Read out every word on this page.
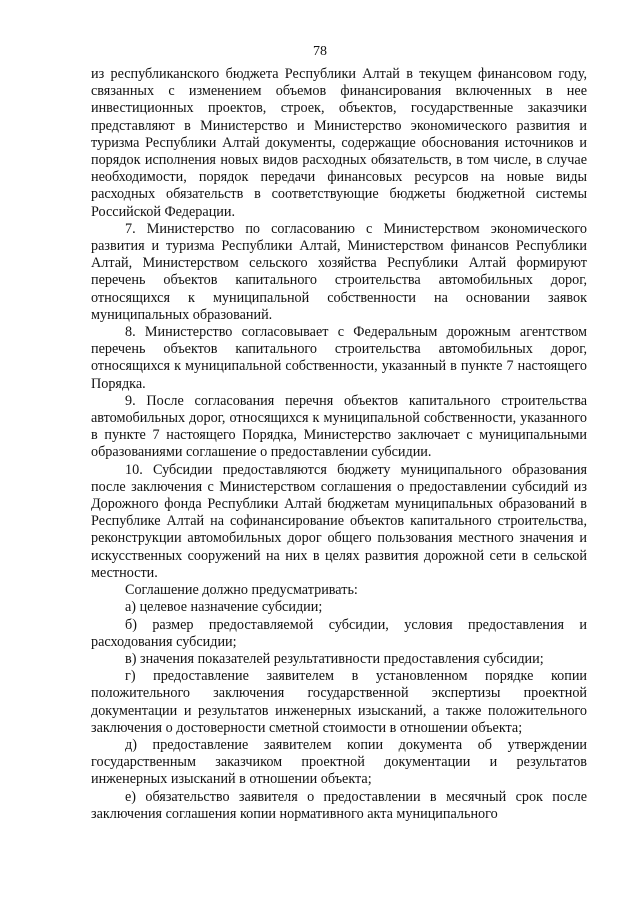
78

из республиканского бюджета Республики Алтай в текущем финансовом году, связанных с изменением объемов финансирования включенных в нее инвестиционных проектов, строек, объектов, государственные заказчики представляют в Министерство и Министерство экономического развития и туризма Республики Алтай документы, содержащие обоснования источников и порядок исполнения новых видов расходных обязательств, в том числе, в случае необходимости, порядок передачи финансовых ресурсов на новые виды расходных обязательств в соответствующие бюджеты бюджетной системы Российской Федерации.

7. Министерство по согласованию с Министерством экономического развития и туризма Республики Алтай, Министерством финансов Республики Алтай, Министерством сельского хозяйства Республики Алтай формируют перечень объектов капитального строительства автомобильных дорог, относящихся к муниципальной собственности на основании заявок муниципальных образований.

8. Министерство согласовывает с Федеральным дорожным агентством перечень объектов капитального строительства автомобильных дорог, относящихся к муниципальной собственности, указанный в пункте 7 настоящего Порядка.

9. После согласования перечня объектов капитального строительства автомобильных дорог, относящихся к муниципальной собственности, указанного в пункте 7 настоящего Порядка, Министерство заключает с муниципальными образованиями соглашение о предоставлении субсидии.

10. Субсидии предоставляются бюджету муниципального образования после заключения с Министерством соглашения о предоставлении субсидий из Дорожного фонда Республики Алтай бюджетам муниципальных образований в Республике Алтай на софинансирование объектов капитального строительства, реконструкции автомобильных дорог общего пользования местного значения и искусственных сооружений на них в целях развития дорожной сети в сельской местности.

Соглашение должно предусматривать:

а) целевое назначение субсидии;

б) размер предоставляемой субсидии, условия предоставления и расходования субсидии;

в) значения показателей результативности предоставления субсидии;

г) предоставление заявителем в установленном порядке копии положительного заключения государственной экспертизы проектной документации и результатов инженерных изысканий, а также положительного заключения о достоверности сметной стоимости в отношении объекта;

д) предоставление заявителем копии документа об утверждении государственным заказчиком проектной документации и результатов инженерных изысканий в отношении объекта;

е) обязательство заявителя о предоставлении в месячный срок после заключения соглашения копии нормативного акта муниципального
